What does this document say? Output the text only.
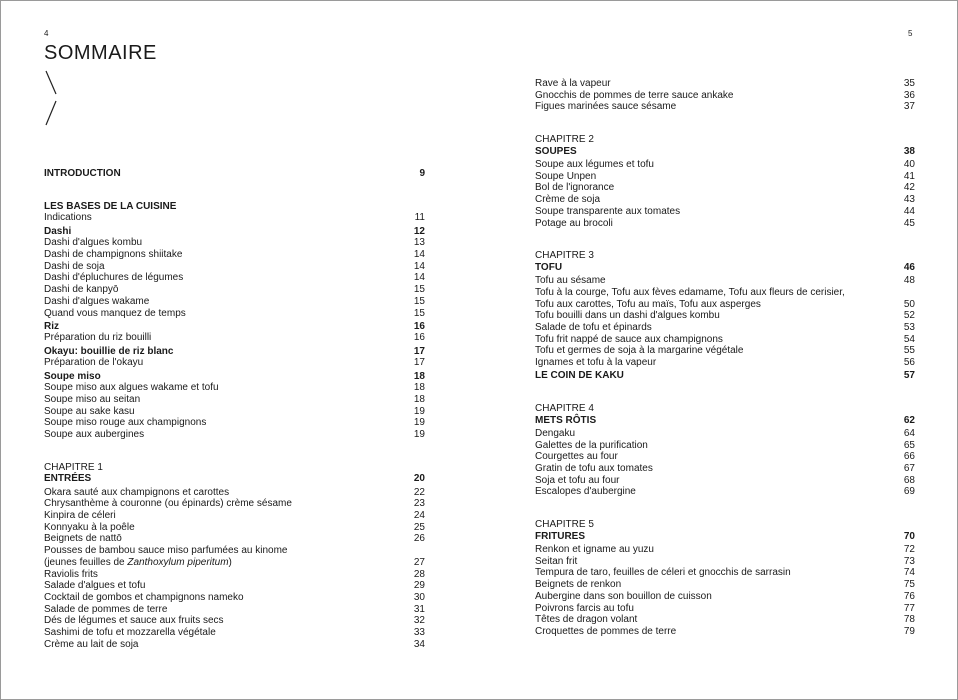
4	5
SOMMAIRE
INTRODUCTION	9
LES BASES DE LA CUISINE
Indications	11
Dashi	12
Dashi d'algues kombu	13
Dashi de champignons shiitake	14
Dashi de soja	14
Dashi d'épluchures de légumes	14
Dashi de kanpyō	15
Dashi d'algues wakame	15
Quand vous manquez de temps	15
Riz	16
Préparation du riz bouilli	16
Okayu: bouillie de riz blanc	17
Préparation de l'okayu	17
Soupe miso	18
Soupe miso aux algues wakame et tofu	18
Soupe miso au seitan	18
Soupe au sake kasu	19
Soupe miso rouge aux champignons	19
Soupe aux aubergines	19
CHAPITRE 1
ENTRÉES	20
Okara sauté aux champignons et carottes	22
Chrysanthème à couronne (ou épinards) crème sésame	23
Kinpira de céleri	24
Konnyaku à la poêle	25
Beignets de nattō	26
Pousses de bambou sauce miso parfumées au kinome
(jeunes feuilles de Zanthoxylum piperitum)	27
Raviolis frits	28
Salade d'algues et tofu	29
Cocktail de gombos et champignons nameko	30
Salade de pommes de terre	31
Dés de légumes et sauce aux fruits secs	32
Sashimi de tofu et mozzarella végétale	33
Crème au lait de soja	34
Rave à la vapeur	35
Gnocchis de pommes de terre sauce ankake	36
Figues marinées sauce sésame	37
CHAPITRE 2
SOUPES	38
Soupe aux légumes et tofu	40
Soupe Unpen	41
Bol de l'ignorance	42
Crème de soja	43
Soupe transparente aux tomates	44
Potage au brocoli	45
CHAPITRE 3
TOFU	46
Tofu au sésame	48
Tofu à la courge, Tofu aux fèves edamame, Tofu aux fleurs de cerisier,
Tofu aux carottes, Tofu au maïs, Tofu aux asperges	50
Tofu bouilli dans un dashi d'algues kombu	52
Salade de tofu et épinards	53
Tofu frit nappé de sauce aux champignons	54
Tofu et germes de soja à la margarine végétale	55
Ignames et tofu à la vapeur	56
LE COIN DE KAKU	57
CHAPITRE 4
METS RÔTIS	62
Dengaku	64
Galettes de la purification	65
Courgettes au four	66
Gratin de tofu aux tomates	67
Soja et tofu au four	68
Escalopes d'aubergine	69
CHAPITRE 5
FRITURES	70
Renkon et igname au yuzu	72
Seitan frit	73
Tempura de taro, feuilles de céleri et gnocchis de sarrasin	74
Beignets de renkon	75
Aubergine dans son bouillon de cuisson	76
Poivrons farcis au tofu	77
Têtes de dragon volant	78
Croquettes de pommes de terre	79
